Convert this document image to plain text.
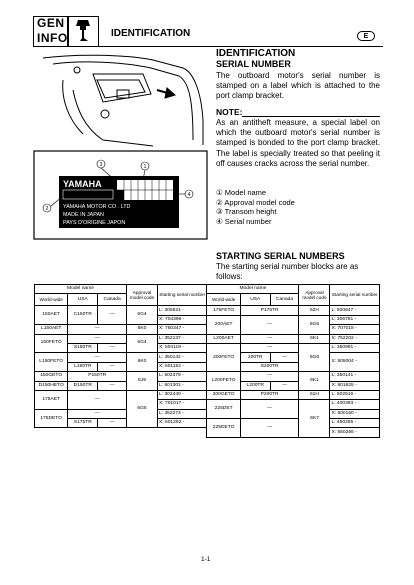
GEN
INFO	IDENTIFICATION	E
YAMAHA
YAMAHA MOTOR CO . LTD
MADE IN JAPAN
PAYS D'ORIGINE JAPON
3	1
2
4
IDENTIFICATION
SERIAL NUMBER
The outboard motor's serial number is stamped on a label which is attached to the port clamp bracket.
NOTE:
As an antitheft measure, a special label on which the outboard motor's serial number is stamped is bonded to the port clamp bracket. The label is specially treated so that peeling it off causes cracks across the serial number.
① Model name
② Approval model code
③ Transom height
④ Serial number
STARTING SERIAL NUMBERS
The starting serial number blocks are as follows:
Model name			Approval model code	Starting serial number	Model name			Approval model code	Starting serial number
World-wide	USA	Canada			World-wide	USA	Canada		
150AET	C150TR	—	6G4	L: 305521 -	175FETO	P175TR		62H	L: 500647 -
				X: 704396 -	200AET	—		6G6	L: 306781 -
L150AET	—		6K0	X: 750347 -					X: 707018 -
150FETO	—		6G4	L: 352137 -	L200AET	—		6K1	X: 752202 -
	S150TR	—		X: 504118 -	200FETO	—		6G6	L: 350991 -
L150FETO	—		6K0	L: 350142 -		200TR	—		X: 505004 -
	L150TR	—		X: 501152 -		S200TR			
150GETO	P150TR		6J9	L: 502379 -	L200FETO	—		6K1	L: 350141 -
D150HETO	D150TR	—		L: 601301 -		L200TR	—		X: 501625 -
175AET	—		6G5	L: 302440 -	200GETO	P200TR		61H	L: 502516 -
				X: 701017 -	225DET	—		6K7	L: 400393 -
175DETO	—			L: 352273 -					X: 500160 -
	S175TR	—		X: 501252 -	225DETO	—			L: 450255 -
									X: 550266 -
1-1
